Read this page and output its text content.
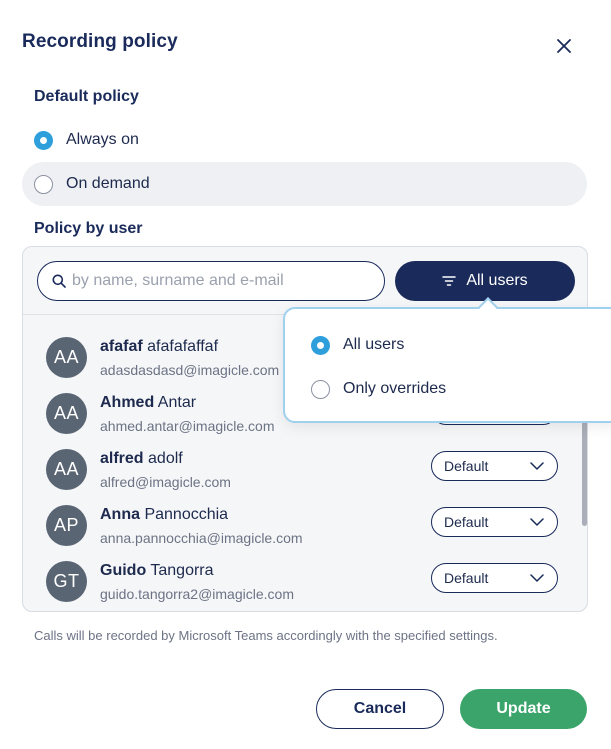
Recording policy
Default policy
Always on
On demand
Policy by user
by name, surname and e-mail
All users
AA
afafaf afafafaffaf
adasdasdasd@imagicle.com
AA
Ahmed Antar
ahmed.antar@imagicle.com
AA
alfred adolf
alfred@imagicle.com
Default
AP
Anna Pannocchia
anna.pannocchia@imagicle.com
Default
GT
Guido Tangorra
guido.tangorra2@imagicle.com
Default
All users
Only overrides
Calls will be recorded by Microsoft Teams accordingly with the specified settings.
Cancel	Update
